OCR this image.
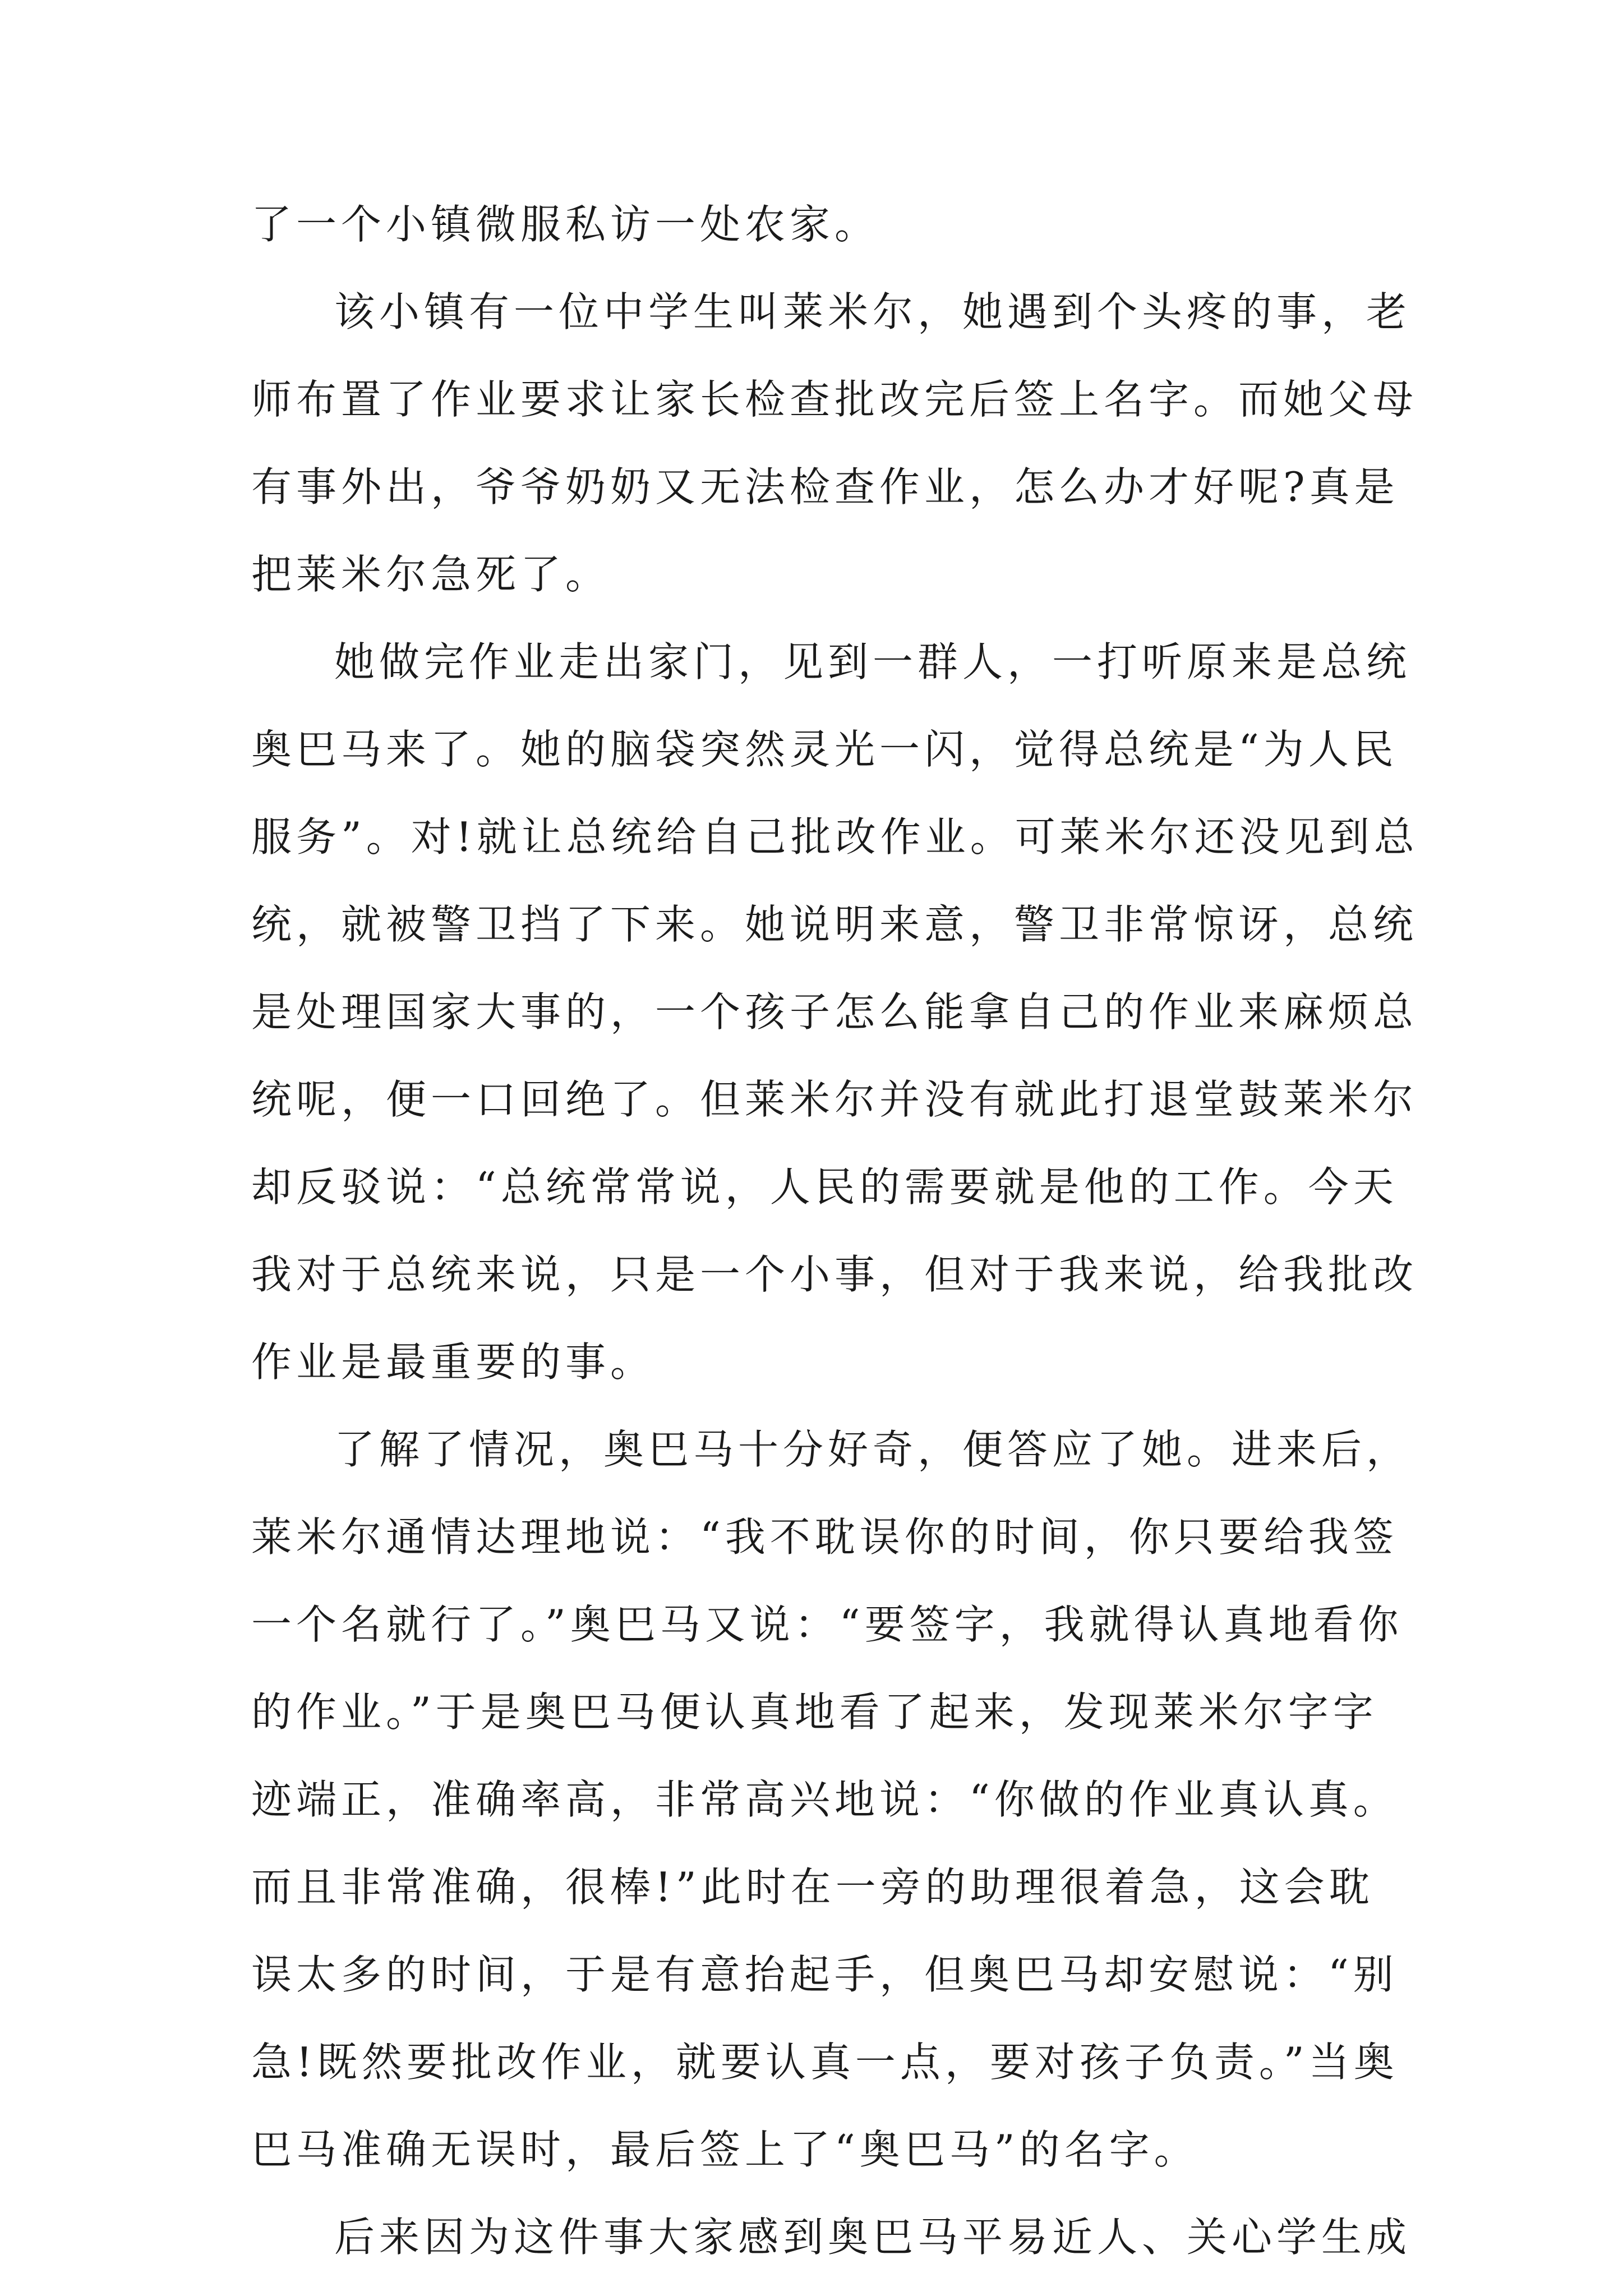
了一个小镇微服私访一处农家。
该小镇有一位中学生叫莱米尔，她遇到个头疼的事，老
师布置了作业要求让家长检查批改完后签上名字。而她父母
有事外出，爷爷奶奶又无法检查作业，怎么办才好呢?真是
把莱米尔急死了。
她做完作业走出家门，见到一群人，一打听原来是总统
奥巴马来了。她的脑袋突然灵光一闪，觉得总统是“为人民
服务”。对!就让总统给自己批改作业。可莱米尔还没见到总
统，就被警卫挡了下来。她说明来意，警卫非常惊讶，总统
是处理国家大事的，一个孩子怎么能拿自己的作业来麻烦总
统呢，便一口回绝了。但莱米尔并没有就此打退堂鼓莱米尔
却反驳说：“总统常常说，人民的需要就是他的工作。今天
我对于总统来说，只是一个小事，但对于我来说，给我批改
作业是最重要的事。
了解了情况，奥巴马十分好奇，便答应了她。进来后，
莱米尔通情达理地说：“我不耽误你的时间，你只要给我签
一个名就行了。”奥巴马又说：“要签字，我就得认真地看你
的作业。”于是奥巴马便认真地看了起来，发现莱米尔字字
迹端正，准确率高，非常高兴地说：“你做的作业真认真。
而且非常准确，很棒!”此时在一旁的助理很着急，这会耽
误太多的时间，于是有意抬起手，但奥巴马却安慰说：“别
急!既然要批改作业，就要认真一点，要对孩子负责。”当奥
巴马准确无误时，最后签上了“奥巴马”的名字。
后来因为这件事大家感到奥巴马平易近人、关心学生成
